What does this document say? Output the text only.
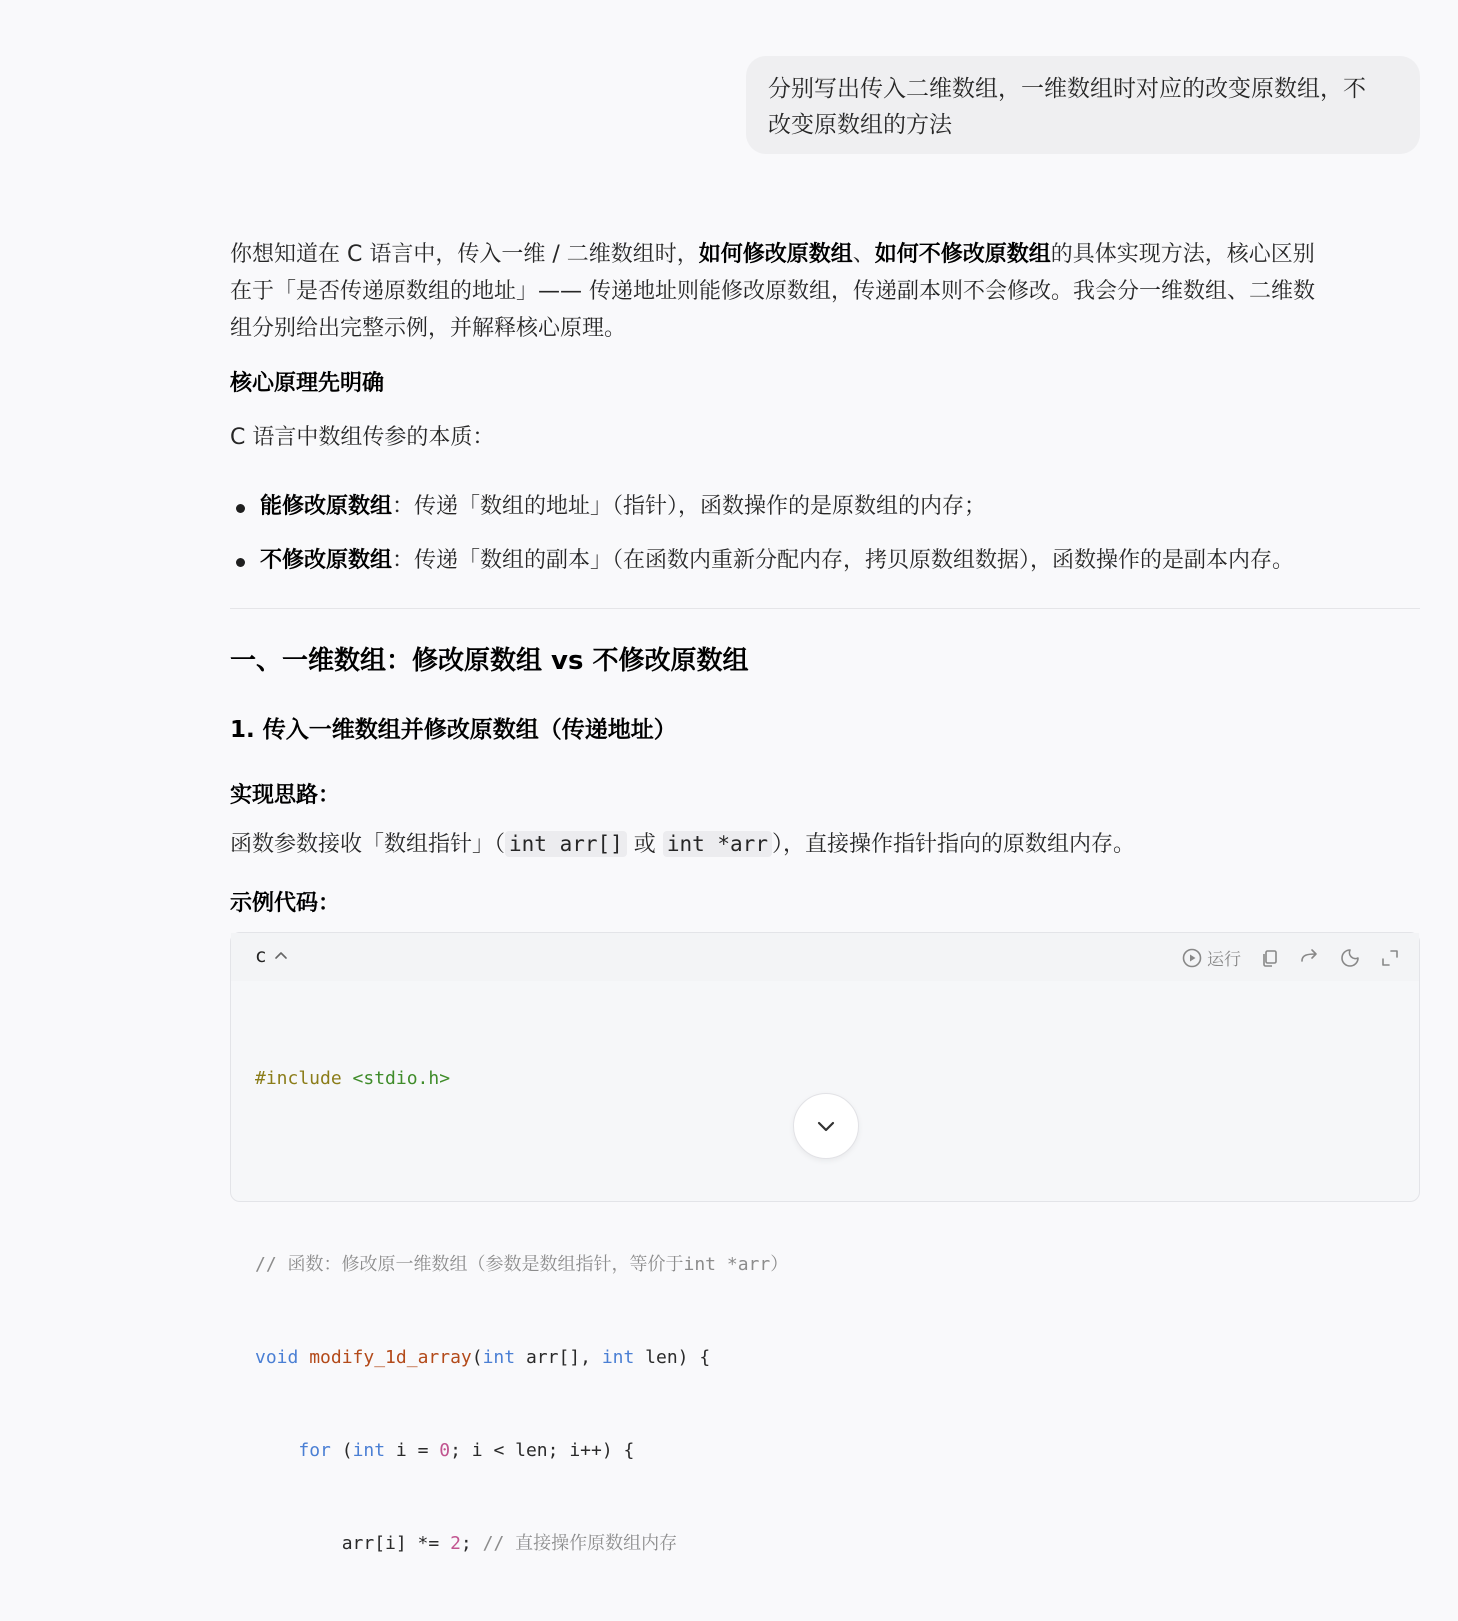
分别写出传入二维数组，一维数组时对应的改变原数组，不
改变原数组的方法

你想知道在 C 语言中，传入一维 / 二维数组时，如何修改原数组、如何不修改原数组的具体实现方法，核心区别

在于「是否传递原数组的地址」—— 传递地址则能修改原数组，传递副本则不会修改。我会分一维数组、二维数

组分别给出完整示例，并解释核心原理。

核心原理先明确

C 语言中数组传参的本质：

能修改原数组：传递「数组的地址」（指针），函数操作的是原数组的内存；
不修改原数组：传递「数组的副本」（在函数内重新分配内存，拷贝原数组数据），函数操作的是副本内存。
一、一维数组：修改原数组 vs 不修改原数组
1. 传入一维数组并修改原数组（传递地址）
实现思路：

函数参数接收「数组指针」（ int arr[] 或 int *arr ），直接操作指针指向的原数组内存。

示例代码：
c	运行

#include <stdio.h>

// 函数：修改原一维数组（参数是数组指针，等价于int *arr）

void modify_1d_array(int arr[], int len) {

for (int i = 0; i < len; i++) {

arr[i] *= 2; // 直接操作原数组内存
